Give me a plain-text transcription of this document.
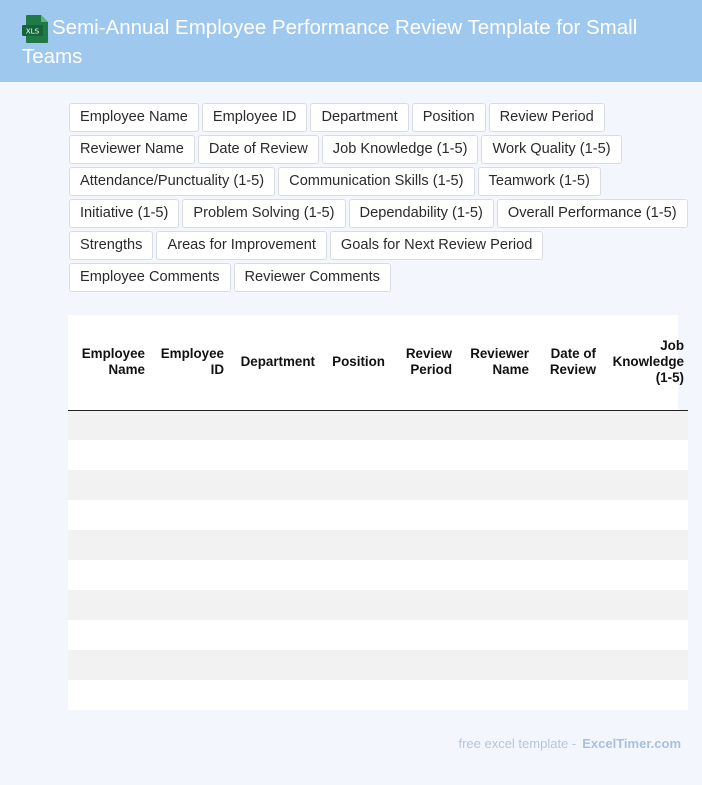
XLS Semi-Annual Employee Performance Review Template for Small Teams
Employee Name	Employee ID	Department	Position	Review Period
Reviewer Name	Date of Review	Job Knowledge (1-5)	Work Quality (1-5)
Attendance/Punctuality (1-5)	Communication Skills (1-5)	Teamwork (1-5)
Initiative (1-5)	Problem Solving (1-5)	Dependability (1-5)	Overall Performance (1-5)
Strengths	Areas for Improvement	Goals for Next Review Period
Employee Comments	Reviewer Comments
Employee Name	Employee ID	Department	Position	Review Period	Reviewer Name	Date of Review	Job Knowledge (1-5)

free excel template - ExcelTimer.com
